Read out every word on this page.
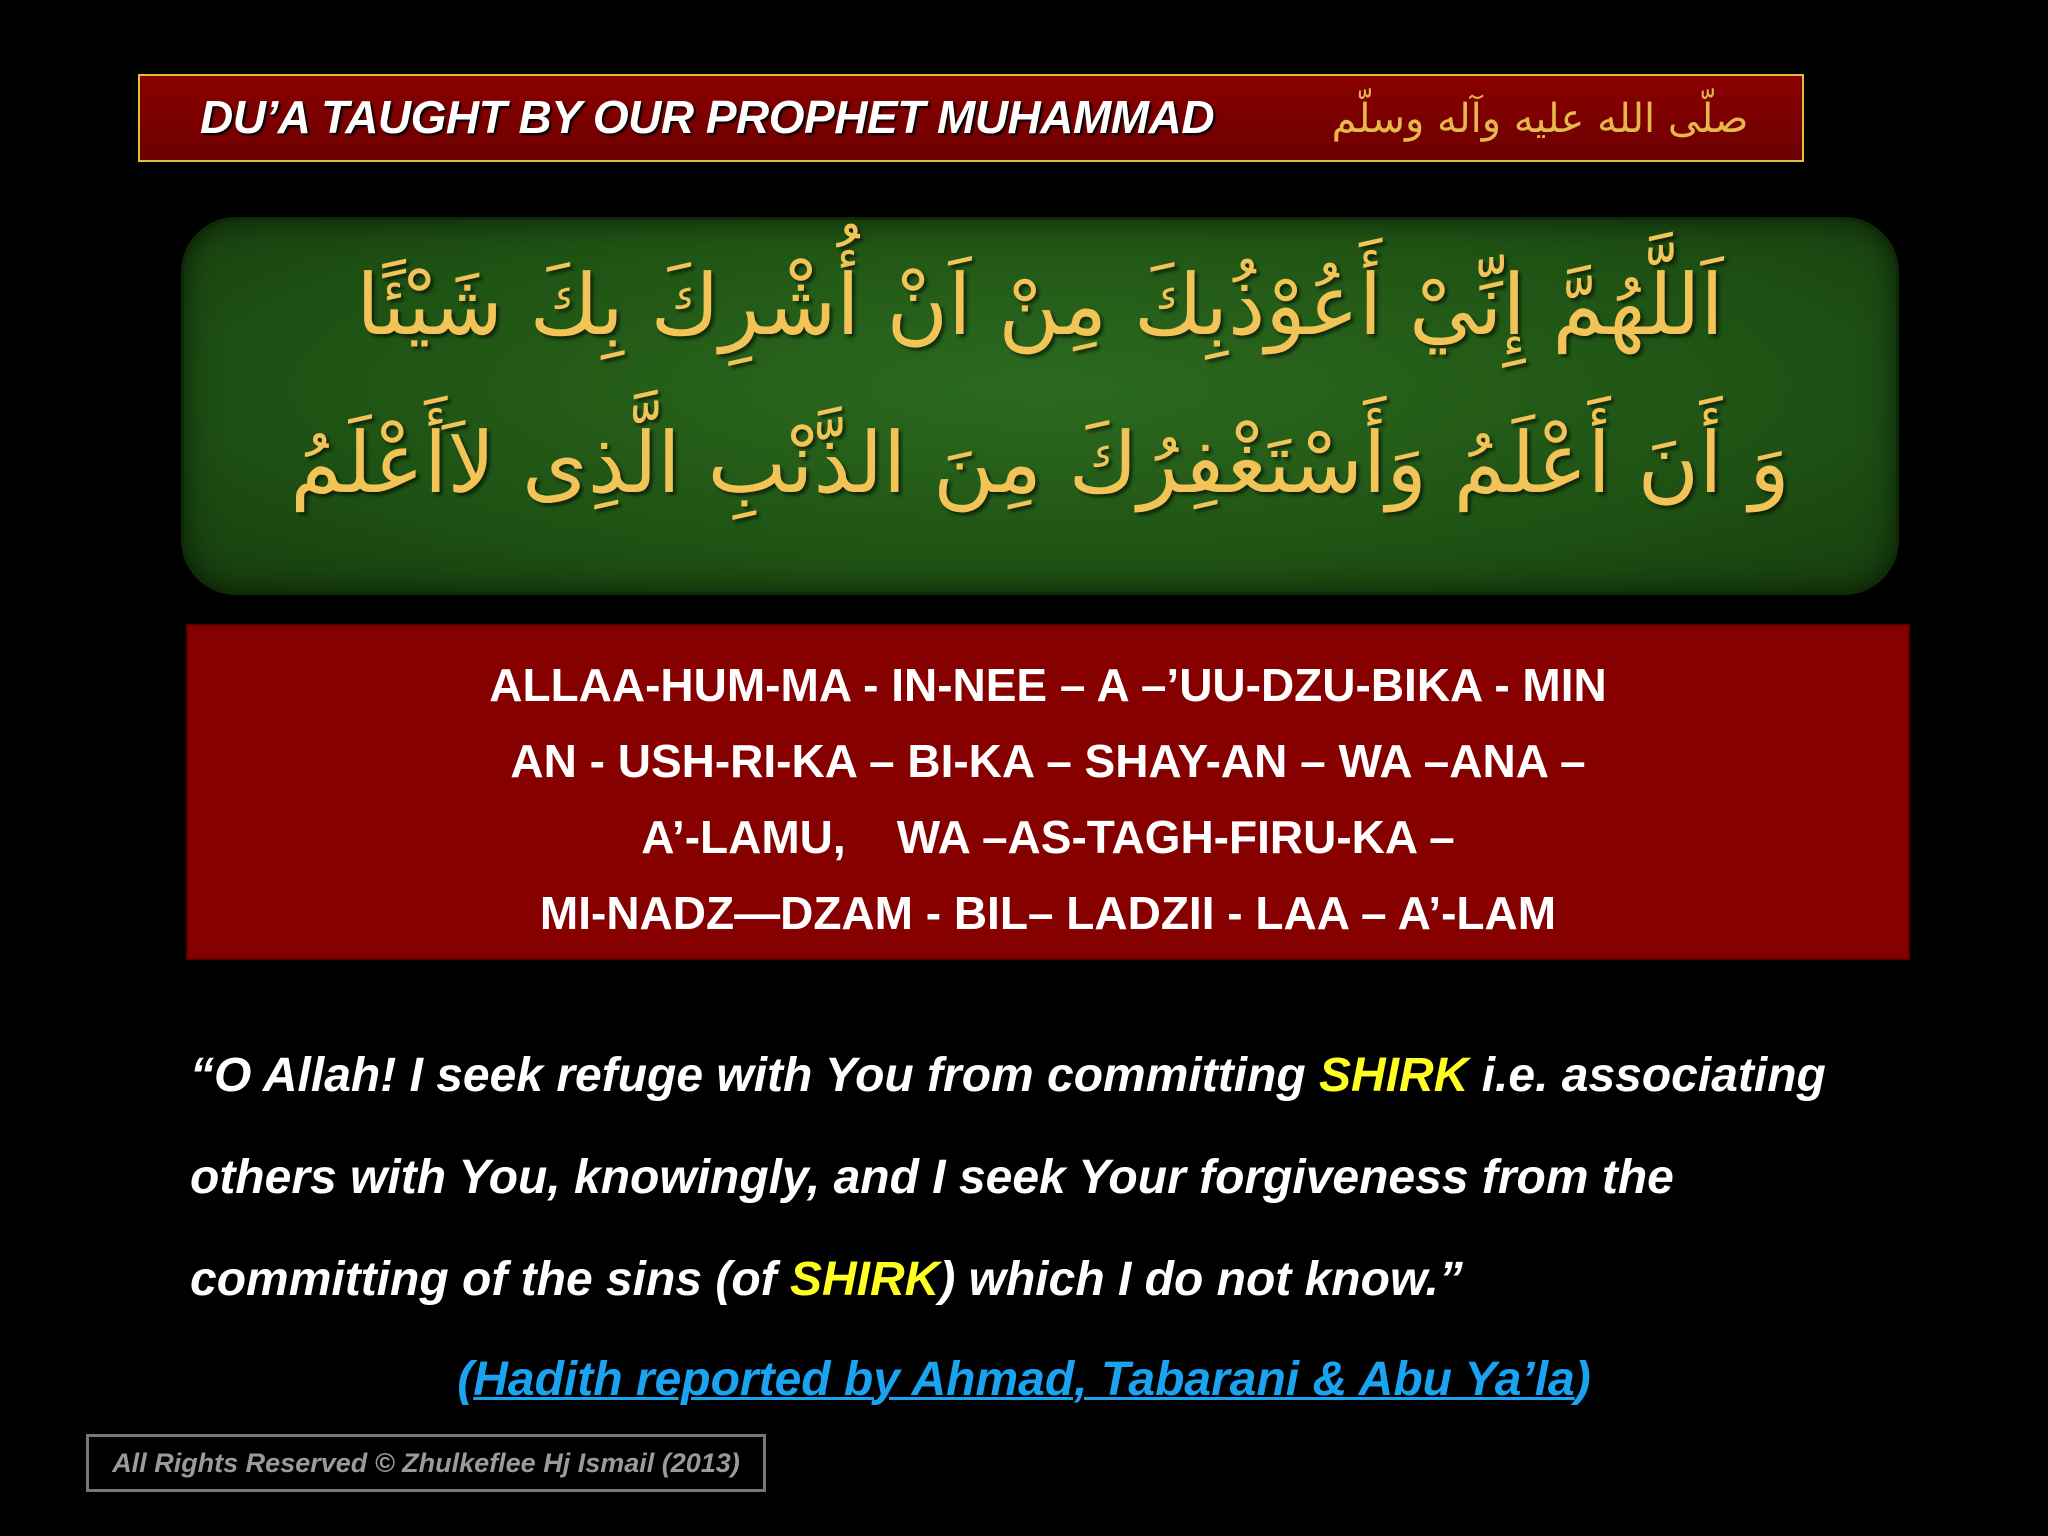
DU’A TAUGHT BY OUR PROPHET MUHAMMAD	صلّى الله عليه وآله وسلّم
اَللَّهُمَّ إِنِّيْ أَعُوْذُبِكَ مِنْ اَنْ أُشْرِكَ بِكَ شَيْئًا
وَ أَنَ أَعْلَمُ وَأَسْتَغْفِرُكَ مِنَ الذَّنْبِ الَّذِى لاَأَعْلَمُ
ALLAA-HUM-MA - IN-NEE – A –’UU-DZU-BIKA - MIN
AN - USH-RI-KA – BI-KA – SHAY-AN – WA –ANA –
A’-LAMU,    WA –AS-TAGH-FIRU-KA –
MI-NADZ—DZAM - BIL– LADZII - LAA – A’-LAM
“O Allah! I seek refuge with You from committing SHIRK i.e. associating
others with You, knowingly, and I seek Your forgiveness from the
committing of the sins (of SHIRK) which I do not know.”
(Hadith reported by Ahmad, Tabarani & Abu Ya’la)
All Rights Reserved © Zhulkeflee Hj Ismail (2013)
